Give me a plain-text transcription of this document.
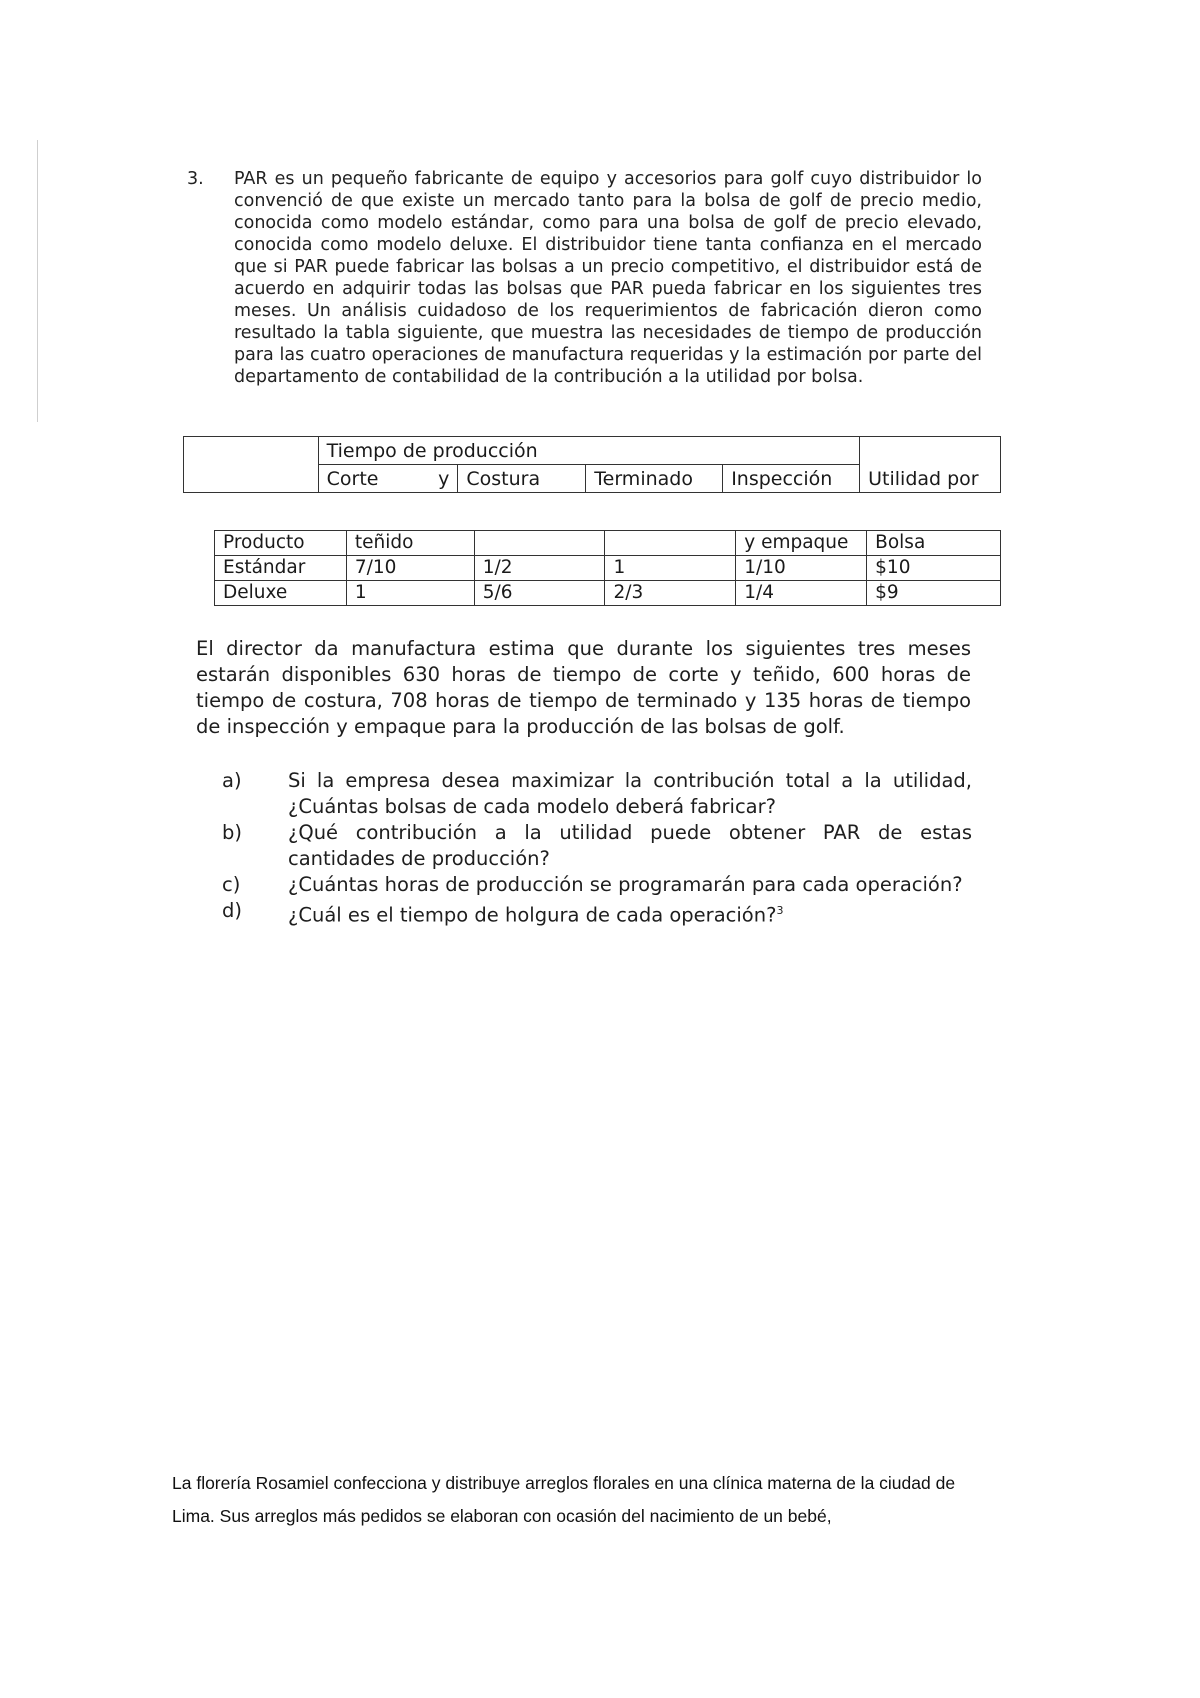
3. PAR es un pequeño fabricante de equipo y accesorios para golf cuyo distribuidor lo convenció de que existe un mercado tanto para la bolsa de golf de precio medio, conocida como modelo estándar, como para una bolsa de golf de precio elevado, conocida como modelo deluxe. El distribuidor tiene tanta confianza en el mercado que si PAR puede fabricar las bolsas a un precio competitivo, el distribuidor está de acuerdo en adquirir todas las bolsas que PAR pueda fabricar en los siguientes tres meses. Un análisis cuidadoso de los requerimientos de fabricación dieron como resultado la tabla siguiente, que muestra las necesidades de tiempo de producción para las cuatro operaciones de manufactura requeridas y la estimación por parte del departamento de contabilidad de la contribución a la utilidad por bolsa.
	Tiempo de producción				Utilidad por
	Corte y	Costura	Terminado	Inspección	
Producto	teñido			y empaque	Bolsa
Estándar	7/10	1/2	1	1/10	$10
Deluxe	1	5/6	2/3	1/4	$9
El director da manufactura estima que durante los siguientes tres meses estarán disponibles 630 horas de tiempo de corte y teñido, 600 horas de tiempo de costura, 708 horas de tiempo de terminado y 135 horas de tiempo de inspección y empaque para la producción de las bolsas de golf.
a)	Si la empresa desea maximizar la contribución total a la utilidad,¿Cuántas bolsas de cada modelo deberá fabricar?
b)	¿Qué contribución a la utilidad puede obtener PAR de estas cantidades de producción?
c)	¿Cuántas horas de producción se programarán para cada operación?
d)	¿Cuál es el tiempo de holgura de cada operación?$^3$
La florería Rosamiel confecciona y distribuye arreglos florales en una clínica materna de la ciudad de Lima. Sus arreglos más pedidos se elaboran con ocasión del nacimiento de un bebé,
